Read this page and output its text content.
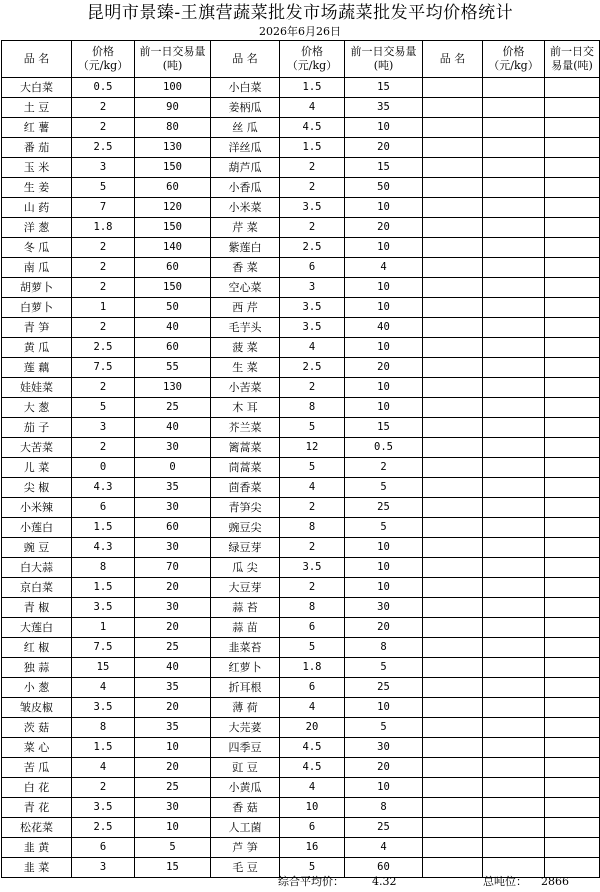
昆明市景臻-王旗营蔬菜批发市场蔬菜批发平均价格统计
2026年6月26日
品 名	价格（元/kg）	前一日交易量(吨)	品 名	价格（元/kg）	前一日交易量(吨)	品 名	价格（元/kg）	前一日交易量(吨)
大白菜	0.5	100	小白菜	1.5	15			
土 豆	2	90	姜柄瓜	4	35			
红 薯	2	80	丝 瓜	4.5	10			
番 茄	2.5	130	洋丝瓜	1.5	20			
玉 米	3	150	葫芦瓜	2	15			
生 姜	5	60	小香瓜	2	50			
山 药	7	120	小米菜	3.5	10			
洋 葱	1.8	150	芹 菜	2	20			
冬 瓜	2	140	紫莲白	2.5	10			
南 瓜	2	60	香 菜	6	4			
胡萝卜	2	150	空心菜	3	10			
白萝卜	1	50	西 芹	3.5	10			
青 笋	2	40	毛芋头	3.5	40			
黄 瓜	2.5	60	菠 菜	4	10			
莲 藕	7.5	55	生 菜	2.5	20			
娃娃菜	2	130	小苦菜	2	10			
大 葱	5	25	木 耳	8	10			
茄 子	3	40	芥兰菜	5	15			
大苦菜	2	30	篱蒿菜	12	0.5			
儿 菜	0	0	茼蒿菜	5	2			
尖 椒	4.3	35	茴香菜	4	5			
小米辣	6	30	青笋尖	2	25			
小莲白	1.5	60	豌豆尖	8	5			
豌 豆	4.3	30	绿豆芽	2	10			
白大蒜	8	70	瓜 尖	3.5	10			
京白菜	1.5	20	大豆芽	2	10			
青 椒	3.5	30	蒜 苔	8	30			
大莲白	1	20	蒜 苗	6	20			
红 椒	7.5	25	韭菜苔	5	8			
独 蒜	15	40	红萝卜	1.8	5			
小 葱	4	35	折耳根	6	25			
皱皮椒	3.5	20	薄 荷	4	10			
茨 菇	8	35	大芫荽	20	5			
菜 心	1.5	10	四季豆	4.5	30			
苦 瓜	4	20	豇 豆	4.5	20			
白 花	2	25	小黄瓜	4	10			
青 花	3.5	30	香 菇	10	8			
松花菜	2.5	10	人工菌	6	25			
韭 黄	6	5	芦 笋	16	4			
韭 菜	3	15	毛 豆	5	60			
综合平均价：	4.32	总吨位： 2866
